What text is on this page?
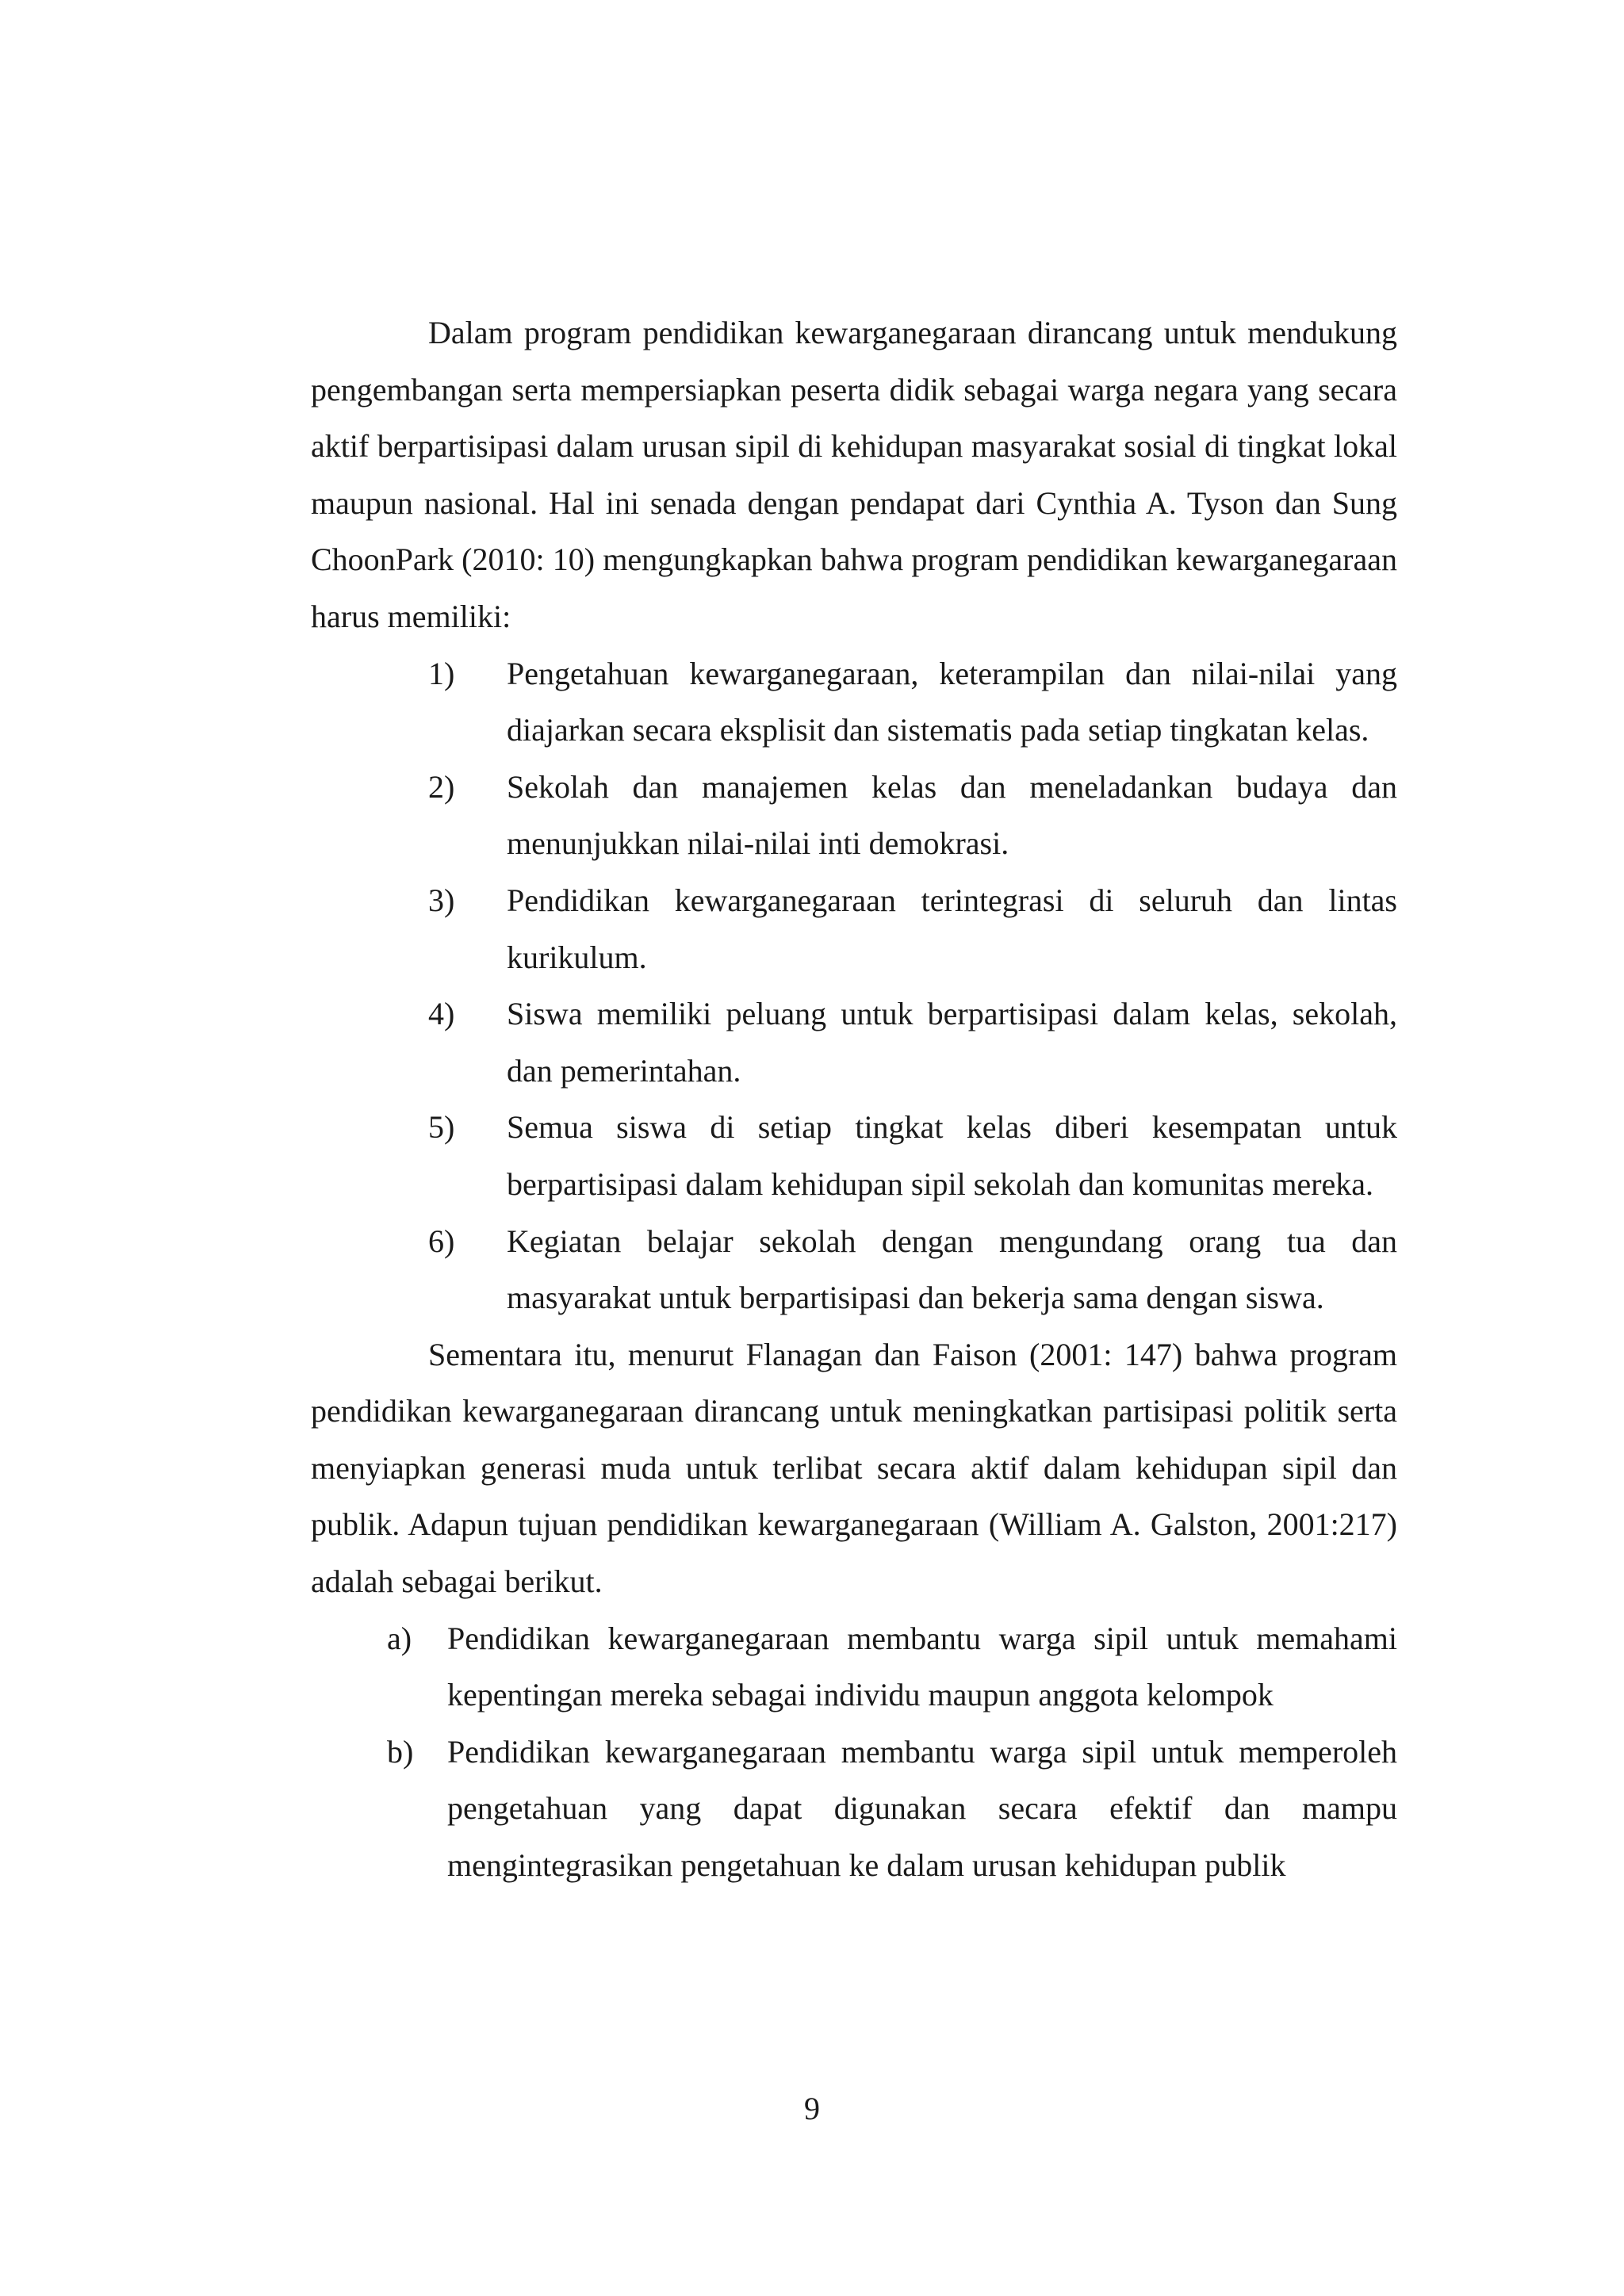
Dalam program pendidikan kewarganegaraan dirancang untuk mendukung pengembangan serta mempersiapkan peserta didik sebagai warga negara yang secara aktif berpartisipasi dalam urusan sipil di kehidupan masyarakat sosial di tingkat lokal maupun nasional. Hal ini senada dengan pendapat dari Cynthia A. Tyson dan Sung ChoonPark (2010: 10) mengungkapkan bahwa program pendidikan kewarganegaraan harus memiliki:

1) Pengetahuan kewarganegaraan, keterampilan dan nilai-nilai yang diajarkan secara eksplisit dan sistematis pada setiap tingkatan kelas.
2) Sekolah dan manajemen kelas dan meneladankan budaya dan menunjukkan nilai-nilai inti demokrasi.
3) Pendidikan kewarganegaraan terintegrasi di seluruh dan lintas kurikulum.
4) Siswa memiliki peluang untuk berpartisipasi dalam kelas, sekolah, dan pemerintahan.
5) Semua siswa di setiap tingkat kelas diberi kesempatan untuk berpartisipasi dalam kehidupan sipil sekolah dan komunitas mereka.
6) Kegiatan belajar sekolah dengan mengundang orang tua dan masyarakat untuk berpartisipasi dan bekerja sama dengan siswa.

Sementara itu, menurut Flanagan dan Faison (2001: 147) bahwa program pendidikan kewarganegaraan dirancang untuk meningkatkan partisipasi politik serta menyiapkan generasi muda untuk terlibat secara aktif dalam kehidupan sipil dan publik. Adapun tujuan pendidikan kewarganegaraan (William A. Galston, 2001:217) adalah sebagai berikut.

a) Pendidikan kewarganegaraan membantu warga sipil untuk memahami kepentingan mereka sebagai individu maupun anggota kelompok
b) Pendidikan kewarganegaraan membantu warga sipil untuk memperoleh pengetahuan yang dapat digunakan secara efektif dan mampu mengintegrasikan pengetahuan ke dalam urusan kehidupan publik
9
